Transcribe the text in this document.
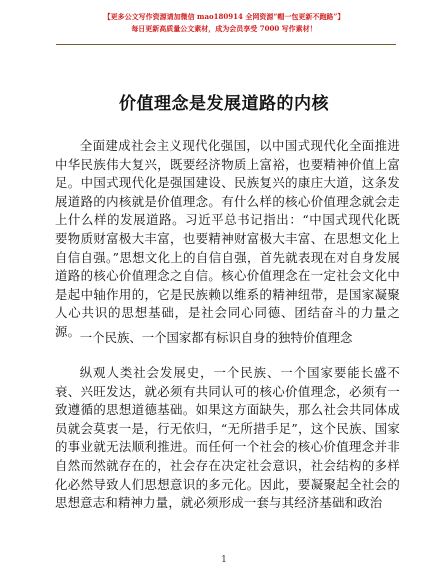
【更多公文写作资源请加微信 mao180914 全网资源“帽一包更新不跑路”】
每日更新高质量公文素材，成为会员享受 7000 写作素材！
价值理念是发展道路的内核

全面建成社会主义现代化强国，以中国式现代化全面推进中华民族伟大复兴，既要经济物质上富裕，也要精神价值上富足。中国式现代化是强国建设、民族复兴的康庄大道，这条发展道路的内核就是价值理念。有什么样的核心价值理念就会走上什么样的发展道路。习近平总书记指出：“中国式现代化既要物质财富极大丰富，也要精神财富极大丰富、在思想文化上自信自强。”思想文化上的自信自强，首先就表现在对自身发展道路的核心价值理念之自信。核心价值理念在一定社会文化中是起中轴作用的，它是民族赖以维系的精神纽带，是国家凝聚人心共识的思想基础，是社会同心同德、团结奋斗的力量之源。 一个民族、一个国家都有标识自身的独特价值理念

纵观人类社会发展史，一个民族、一个国家要能长盛不衰、兴旺发达，就必须有共同认可的核心价值理念，必须有一致遵循的思想道德基础。如果这方面缺失，那么社会共同体成员就会莫衷一是，行无依归，“无所措手足”，这个民族、国家的事业就无法顺利推进。而任何一个社会的核心价值理念并非自然而然就存在的，社会存在决定社会意识，社会结构的多样化必然导致人们思想意识的多元化。因此，要凝聚起全社会的思想意志和精神力量，就必须形成一套与其经济基础和政治

1
